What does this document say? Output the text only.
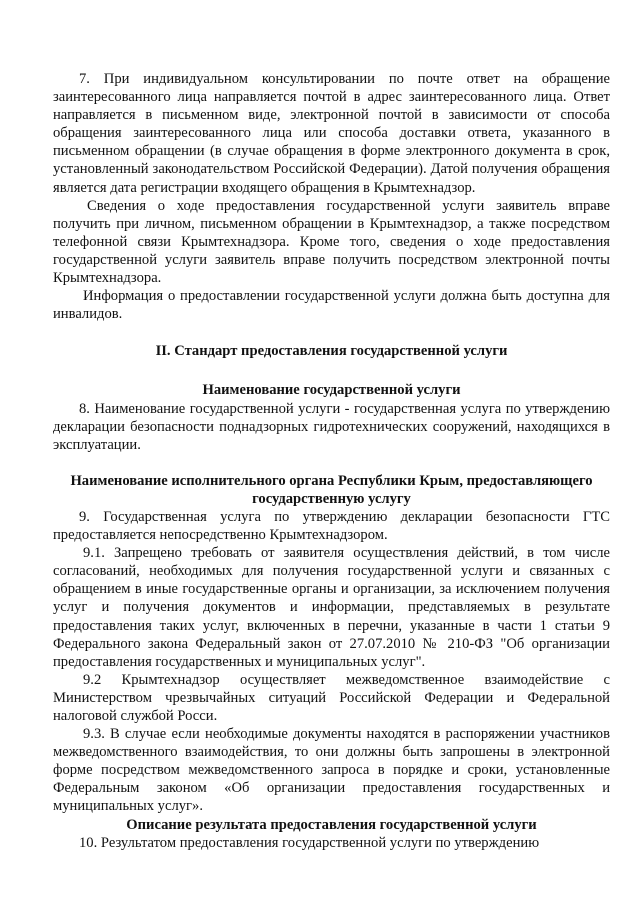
7. При индивидуальном консультировании по почте ответ на обращение заинтересованного лица направляется почтой в адрес заинтересованного лица. Ответ направляется в письменном виде, электронной почтой в зависимости от способа обращения заинтересованного лица или способа доставки ответа, указанного в письменном обращении (в случае обращения в форме электронного документа в срок, установленный законодательством Российской Федерации). Датой получения обращения является дата регистрации входящего обращения в Крымтехнадзор.

Сведения о ходе предоставления государственной услуги заявитель вправе получить при личном, письменном обращении в Крымтехнадзор, а также посредством телефонной связи Крымтехнадзора. Кроме того, сведения о ходе предоставления государственной услуги заявитель вправе получить посредством электронной почты Крымтехнадзора.

Информация о предоставлении государственной услуги должна быть доступна для инвалидов.

II. Стандарт предоставления государственной услуги

Наименование государственной услуги

8. Наименование государственной услуги - государственная услуга по утверждению декларации безопасности поднадзорных гидротехнических сооружений, находящихся в эксплуатации.

Наименование исполнительного органа Республики Крым, предоставляющего государственную услугу

9. Государственная услуга по утверждению декларации безопасности ГТС предоставляется непосредственно Крымтехнадзором.

9.1. Запрещено требовать от заявителя осуществления действий, в том числе согласований, необходимых для получения государственной услуги и связанных с обращением в иные государственные органы и организации, за исключением получения услуг и получения документов и информации, представляемых в результате предоставления таких услуг, включенных в перечни, указанные в части 1 статьи 9 Федерального закона Федеральный закон от 27.07.2010 № 210-ФЗ "Об организации предоставления государственных и муниципальных услуг".

9.2 Крымтехнадзор осуществляет межведомственное взаимодействие с Министерством чрезвычайных ситуаций Российской Федерации и Федеральной налоговой службой Росси.

9.3. В случае если необходимые документы находятся в распоряжении участников межведомственного взаимодействия, то они должны быть запрошены в электронной форме посредством межведомственного запроса в порядке и сроки, установленные Федеральным законом «Об организации предоставления государственных и муниципальных услуг».

Описание результата предоставления государственной услуги

10. Результатом предоставления государственной услуги по утверждению
